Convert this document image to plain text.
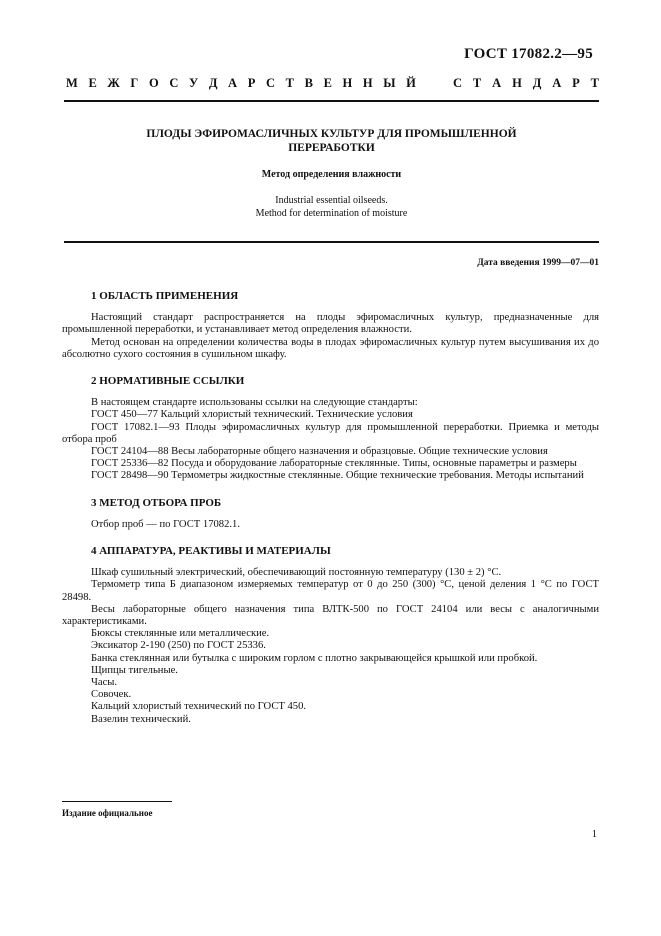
ГОСТ 17082.2—95
М Е Ж Г О С У Д А Р С Т В Е Н Н Ы Й	С Т А Н Д А Р Т
ПЛОДЫ ЭФИРОМАСЛИЧНЫХ КУЛЬТУР ДЛЯ ПРОМЫШЛЕННОЙ
ПЕРЕРАБОТКИ
Метод определения влажности
Industrial essential oilseeds.
Method for determination of moisture
Дата введения 1999—07—01

1 ОБЛАСТЬ ПРИМЕНЕНИЯ

Настоящий стандарт распространяется на плоды эфиромасличных культур, предназначенные для промышленной переработки, и устанавливает метод определения влажности.

Метод основан на определении количества воды в плодах эфиромасличных культур путем высушивания их до абсолютно сухого состояния в сушильном шкафу.

2 НОРМАТИВНЫЕ ССЫЛКИ

В настоящем стандарте использованы ссылки на следующие стандарты:

ГОСТ 450—77 Кальций хлористый технический. Технические условия

ГОСТ 17082.1—93 Плоды эфиромасличных культур для промышленной переработки. Приемка и методы отбора проб

ГОСТ 24104—88 Весы лабораторные общего назначения и образцовые. Общие технические условия

ГОСТ 25336—82 Посуда и оборудование лабораторные стеклянные. Типы, основные параметры и размеры

ГОСТ 28498—90 Термометры жидкостные стеклянные. Общие технические требования. Методы испытаний

3 МЕТОД ОТБОРА ПРОБ

Отбор проб — по ГОСТ 17082.1.

4 АППАРАТУРА, РЕАКТИВЫ И МАТЕРИАЛЫ

Шкаф сушильный электрический, обеспечивающий постоянную температуру (130 ± 2) °С.

Термометр типа Б диапазоном измеряемых температур от 0 до 250 (300) °С, ценой деления 1 °С по ГОСТ 28498.

Весы лабораторные общего назначения типа ВЛТК-500 по ГОСТ 24104 или весы с аналогичными характеристиками.

Бюксы стеклянные или металлические.

Эксикатор 2-190 (250) по ГОСТ 25336.

Банка стеклянная или бутылка с широким горлом с плотно закрывающейся крышкой или пробкой.

Щипцы тигельные.

Часы.

Совочек.

Кальций хлористый технический по ГОСТ 450.

Вазелин технический.

Издание официальное
1
